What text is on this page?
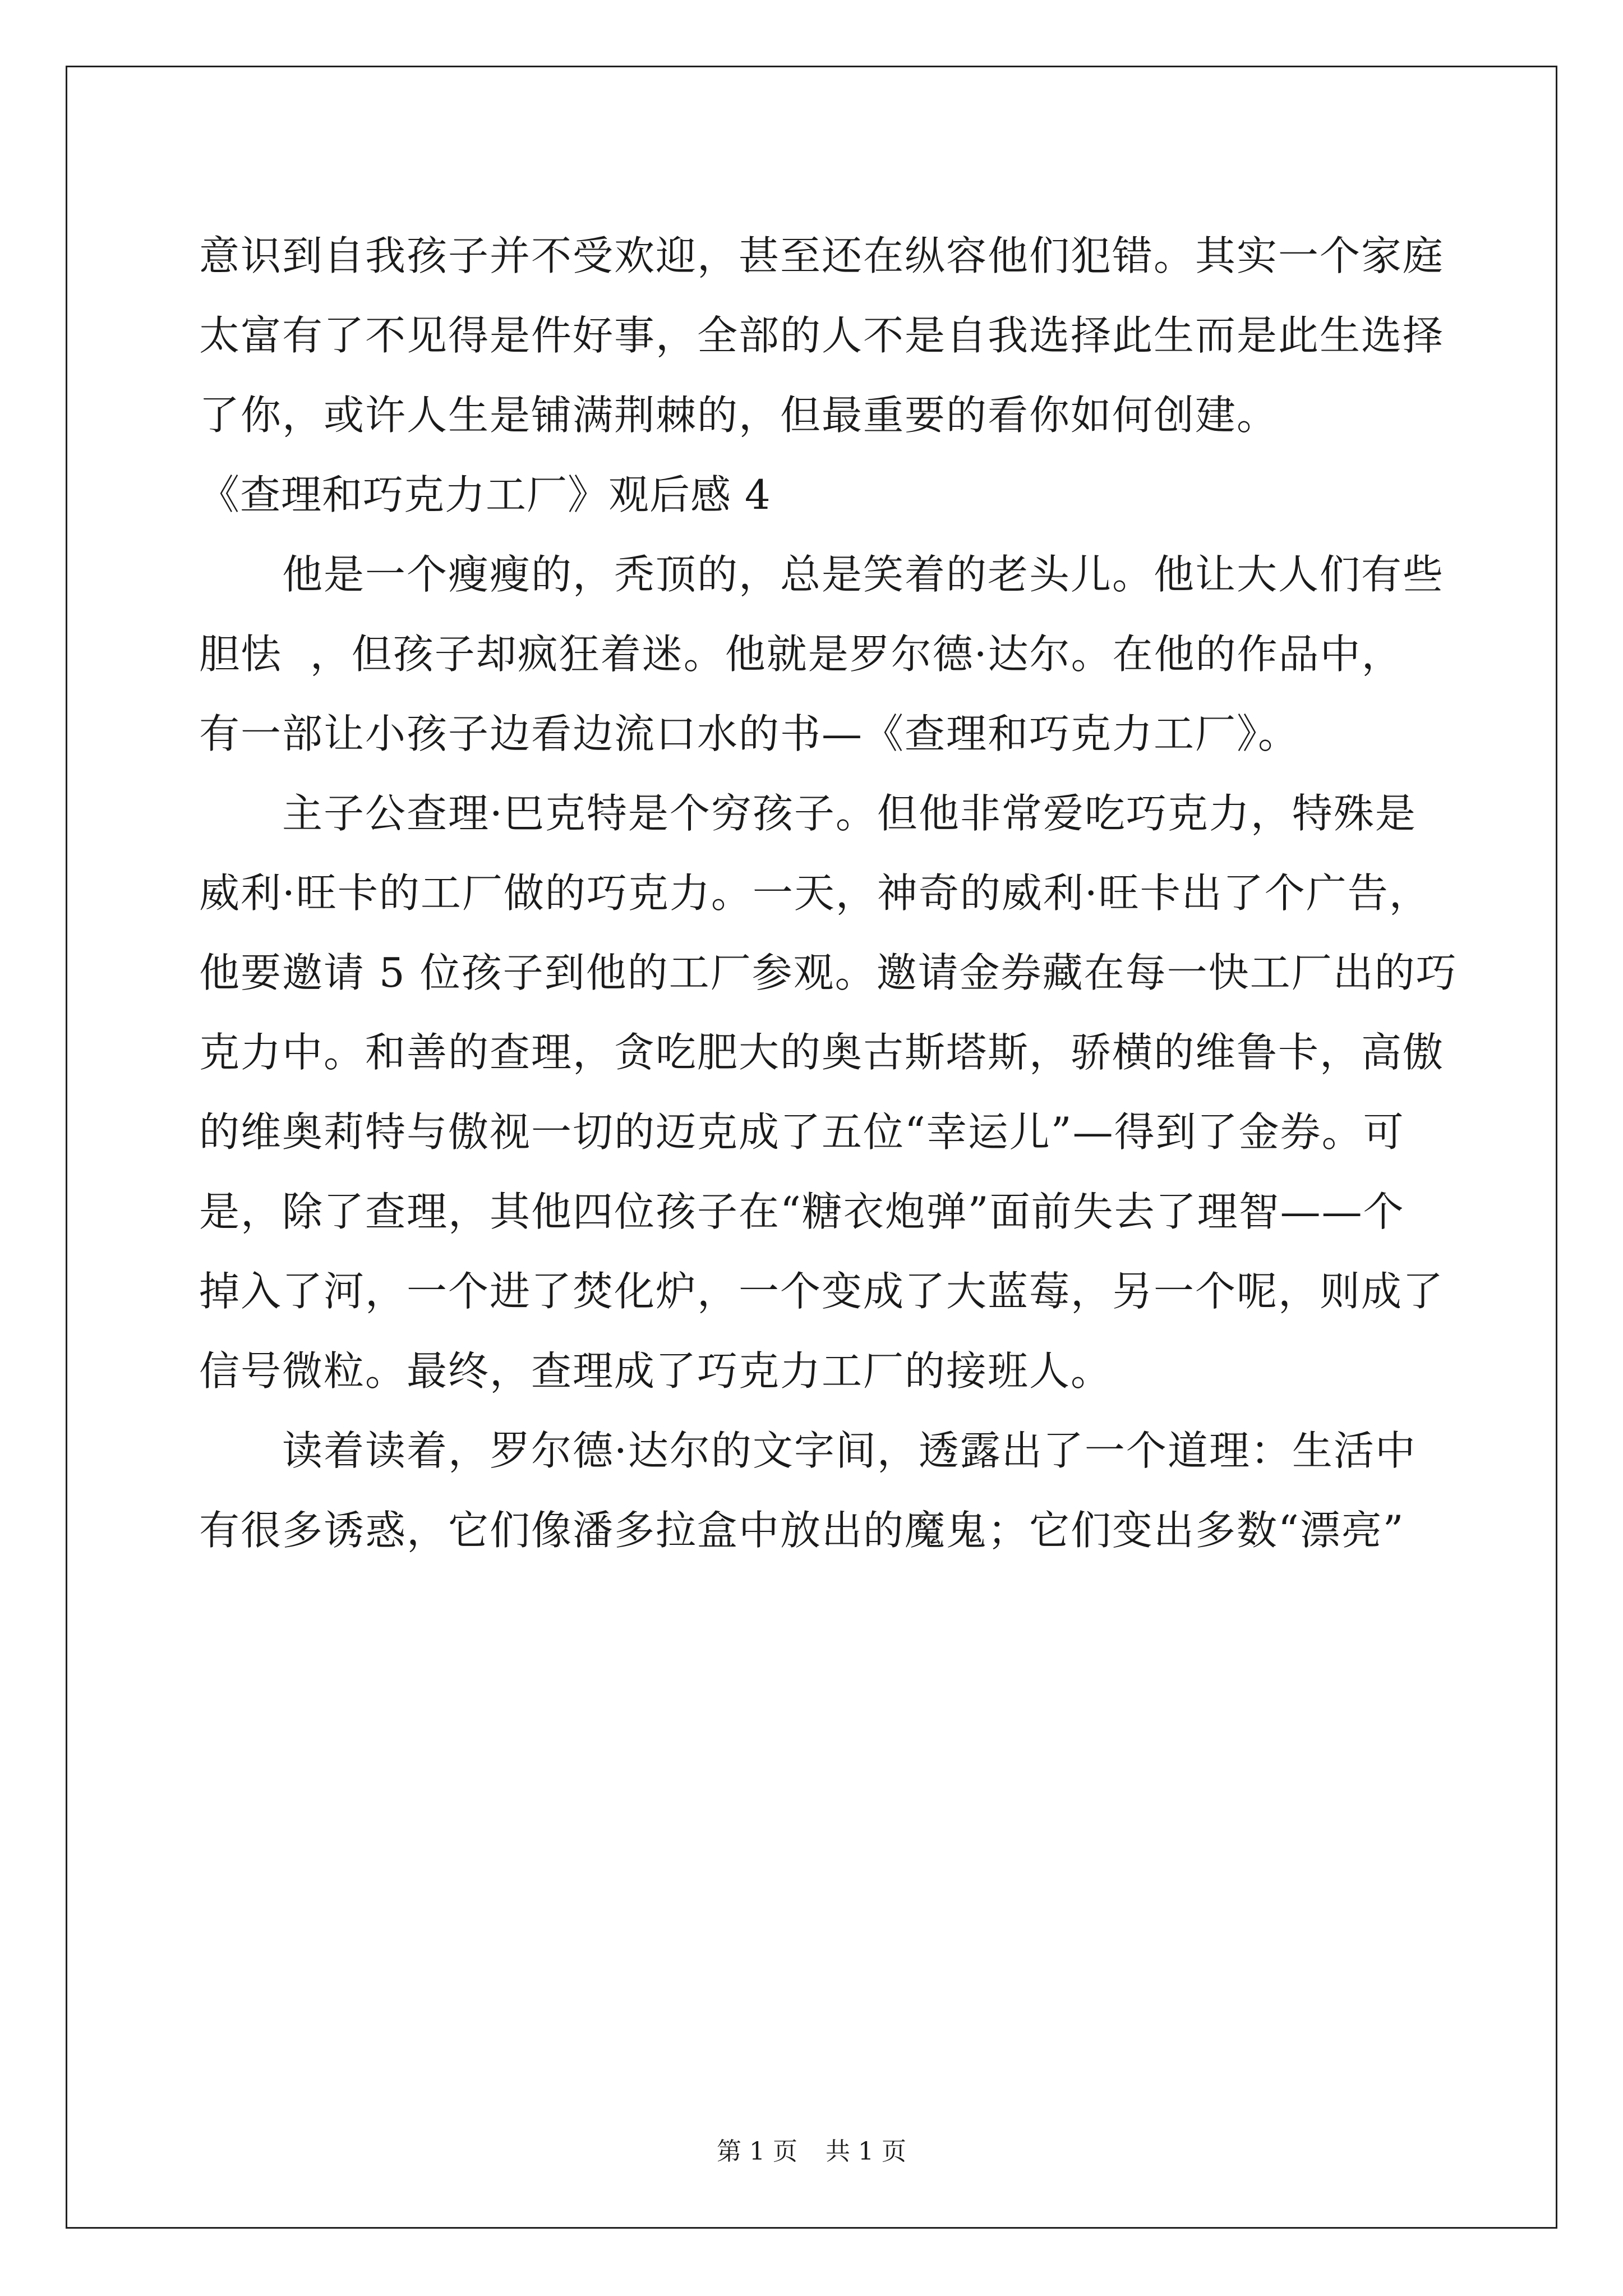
意识到自我孩子并不受欢迎，甚至还在纵容他们犯错。其实一个家庭
太富有了不见得是件好事，全部的人不是自我选择此生而是此生选择
了你，或许人生是铺满荆棘的，但最重要的看你如何创建。
《查理和巧克力工厂》观后感 4
他是一个瘦瘦的，秃顶的，总是笑着的老头儿。他让大人们有些
胆怯  ，但孩子却疯狂着迷。他就是罗尔德·达尔。在他的作品中，
有一部让小孩子边看边流口水的书—《查理和巧克力工厂》。
主子公查理·巴克特是个穷孩子。但他非常爱吃巧克力，特殊是
威利·旺卡的工厂做的巧克力。一天，神奇的威利·旺卡出了个广告，
他要邀请 5 位孩子到他的工厂参观。邀请金券藏在每一快工厂出的巧
克力中。和善的查理，贪吃肥大的奥古斯塔斯，骄横的维鲁卡，高傲
的维奥莉特与傲视一切的迈克成了五位“幸运儿”—得到了金券。可
是，除了查理，其他四位孩子在“糖衣炮弹”面前失去了理智——个
掉入了河，一个进了焚化炉，一个变成了大蓝莓，另一个呢，则成了
信号微粒。最终，查理成了巧克力工厂的接班人。
读着读着，罗尔德·达尔的文字间，透露出了一个道理：生活中
有很多诱惑，它们像潘多拉盒中放出的魔鬼；它们变出多数“漂亮”
第 1 页 共 1 页
